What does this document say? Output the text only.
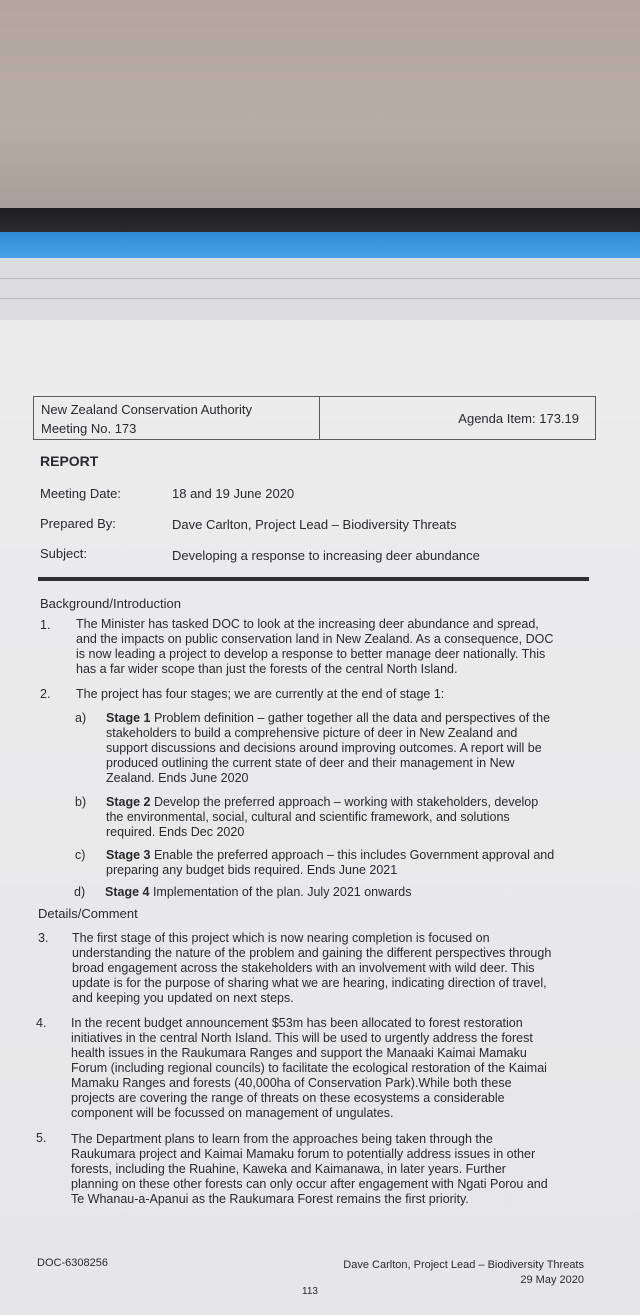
New Zealand Conservation Authority
Meeting No. 173
Agenda Item: 173.19
REPORT
Meeting Date:	18 and 19 June 2020
Prepared By:	Dave Carlton, Project Lead – Biodiversity Threats
Subject:	Developing a response to increasing deer abundance
Background/Introduction
1. The Minister has tasked DOC to look at the increasing deer abundance and spread,
and the impacts on public conservation land in New Zealand. As a consequence, DOC
is now leading a project to develop a response to better manage deer nationally. This
has a far wider scope than just the forests of the central North Island.
2. The project has four stages; we are currently at the end of stage 1:
a) Stage 1 Problem definition – gather together all the data and perspectives of the
stakeholders to build a comprehensive picture of deer in New Zealand and
support discussions and decisions around improving outcomes. A report will be
produced outlining the current state of deer and their management in New
Zealand. Ends June 2020
b) Stage 2 Develop the preferred approach – working with stakeholders, develop
the environmental, social, cultural and scientific framework, and solutions
required. Ends Dec 2020
c) Stage 3 Enable the preferred approach – this includes Government approval and
preparing any budget bids required. Ends June 2021
d) Stage 4 Implementation of the plan. July 2021 onwards
Details/Comment
3. The first stage of this project which is now nearing completion is focused on
understanding the nature of the problem and gaining the different perspectives through
broad engagement across the stakeholders with an involvement with wild deer. This
update is for the purpose of sharing what we are hearing, indicating direction of travel,
and keeping you updated on next steps.
4. In the recent budget announcement $53m has been allocated to forest restoration
initiatives in the central North Island. This will be used to urgently address the forest
health issues in the Raukumara Ranges and support the Manaaki Kaimai Mamaku
Forum (including regional councils) to facilitate the ecological restoration of the Kaimai
Mamaku Ranges and forests (40,000ha of Conservation Park).While both these
projects are covering the range of threats on these ecosystems a considerable
component will be focussed on management of ungulates.
5. The Department plans to learn from the approaches being taken through the
Raukumara project and Kaimai Mamaku forum to potentially address issues in other
forests, including the Ruahine, Kaweka and Kaimanawa, in later years. Further
planning on these other forests can only occur after engagement with Ngati Porou and
Te Whanau-a-Apanui as the Raukumara Forest remains the first priority.
DOC-6308256	Dave Carlton, Project Lead – Biodiversity Threats
29 May 2020
113
